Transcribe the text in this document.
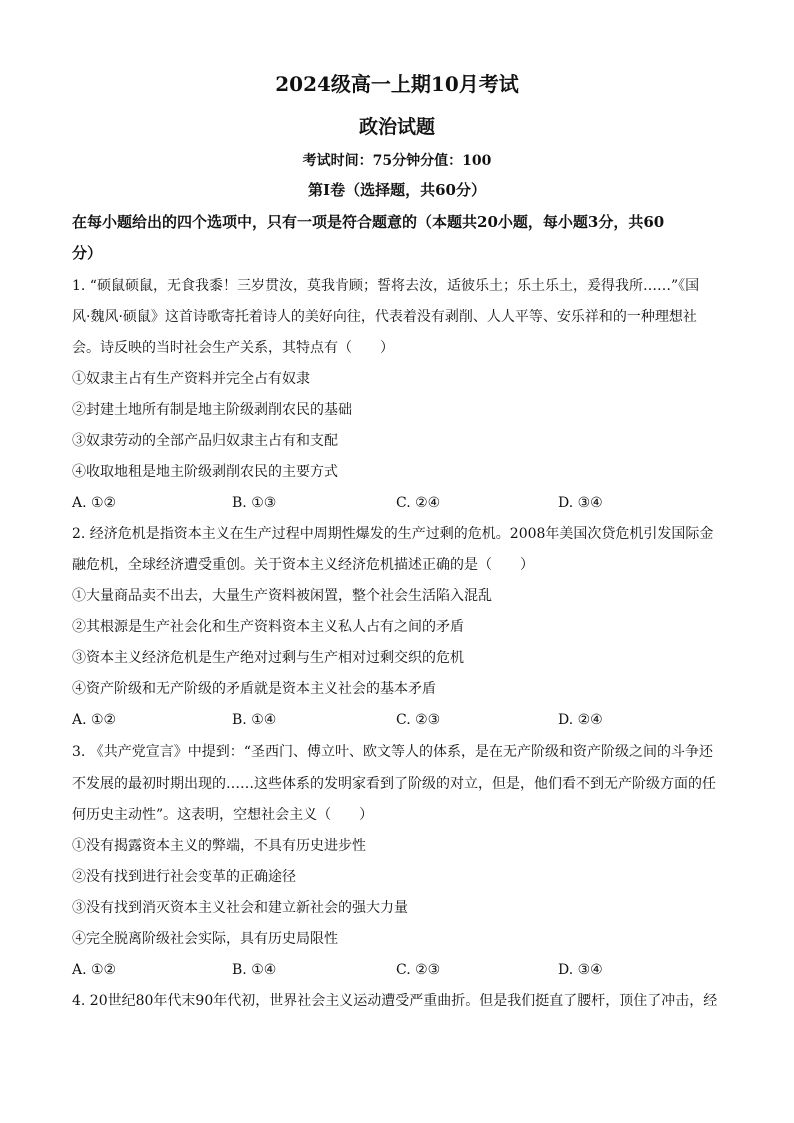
2024级高一上期10月考试
政治试题
考试时间：75分钟分值：100
第Ⅰ卷（选择题，共60分）
在每小题给出的四个选项中，只有一项是符合题意的（本题共20小题，每小题3分，共60
分）
1. “硕鼠硕鼠，无食我黍！三岁贯汝，莫我肯顾；誓将去汝，适彼乐土；乐土乐土，爰得我所……”《国
风·魏风·硕鼠》这首诗歌寄托着诗人的美好向往，代表着没有剥削、人人平等、安乐祥和的一种理想社
会。诗反映的当时社会生产关系，其特点有（　　）
①奴隶主占有生产资料并完全占有奴隶
②封建土地所有制是地主阶级剥削农民的基础
③奴隶劳动的全部产品归奴隶主占有和支配
④收取地租是地主阶级剥削农民的主要方式
A. ①②	B. ①③	C. ②④	D. ③④
2. 经济危机是指资本主义在生产过程中周期性爆发的生产过剩的危机。2008年美国次贷危机引发国际金
融危机，全球经济遭受重创。关于资本主义经济危机描述正确的是（　　）
①大量商品卖不出去，大量生产资料被闲置，整个社会生活陷入混乱
②其根源是生产社会化和生产资料资本主义私人占有之间的矛盾
③资本主义经济危机是生产绝对过剩与生产相对过剩交织的危机
④资产阶级和无产阶级的矛盾就是资本主义社会的基本矛盾
A. ①②	B. ①④	C. ②③	D. ②④
3. 《共产党宣言》中提到：“圣西门、傅立叶、欧文等人的体系，是在无产阶级和资产阶级之间的斗争还
不发展的最初时期出现的……这些体系的发明家看到了阶级的对立，但是，他们看不到无产阶级方面的任
何历史主动性”。这表明，空想社会主义（　　）
①没有揭露资本主义的弊端，不具有历史进步性
②没有找到进行社会变革的正确途径
③没有找到消灭资本主义社会和建立新社会的强大力量
④完全脱离阶级社会实际，具有历史局限性
A. ①②	B. ①④	C. ②③	D. ③④
4. 20世纪80年代末90年代初，世界社会主义运动遭受严重曲折。但是我们挺直了腰杆，顶住了冲击，经
